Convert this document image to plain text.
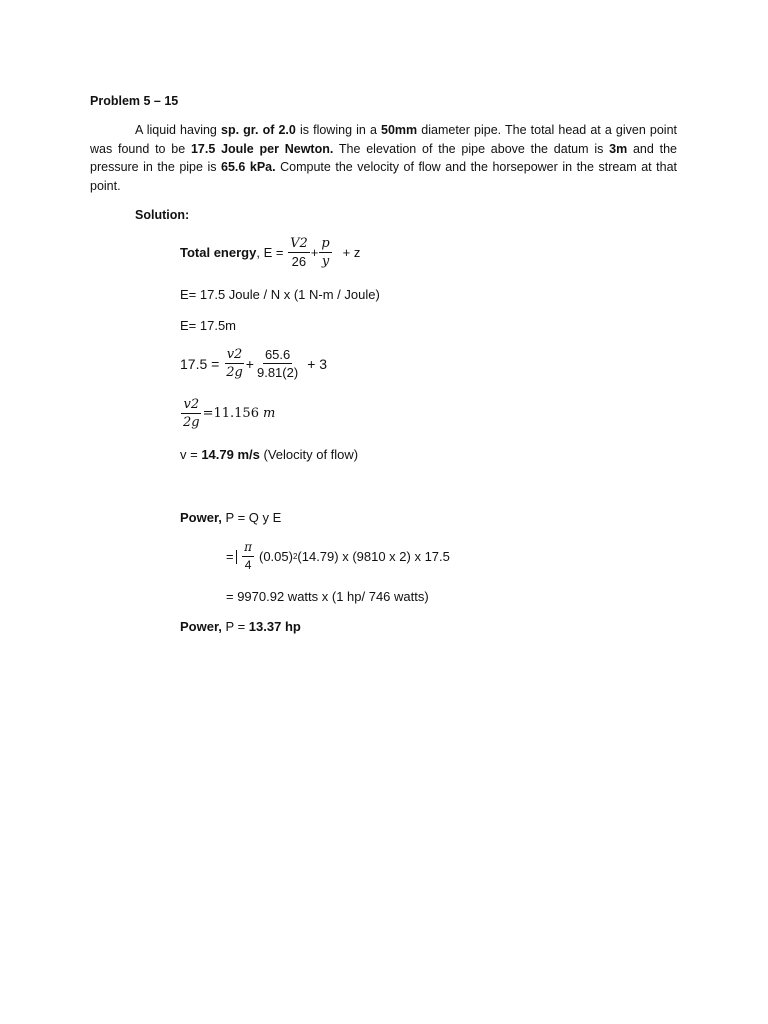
Problem 5 – 15
A liquid having sp. gr. of 2.0 is flowing in a 50mm diameter pipe. The total head at a given point was found to be 17.5 Joule per Newton. The elevation of the pipe above the datum is 3m and the pressure in the pipe is 65.6 kPa. Compute the velocity of flow and the horsepower in the stream at that point.
Solution:
Total energy , $E = \frac{V2}{26} + \frac{p}{y} + z$
E= 17.5 Joule / N x (1 N-m / Joule)
E= 17.5m
$17.5 = \frac{v2}{2g} + \frac{65.6}{9.81(2)} + 3$
$\frac{v2}{2g} =11.156$ m
v = 14.79 m/s (Velocity of flow)
Power, P = Q y E
= $\frac{\pi}{4} (0.05)$ 2 (14.79) x (9810 x 2) x 17.5
= 9970.92 watts x (1 hp/ 746 watts)
Power, P = 13.37 hp
